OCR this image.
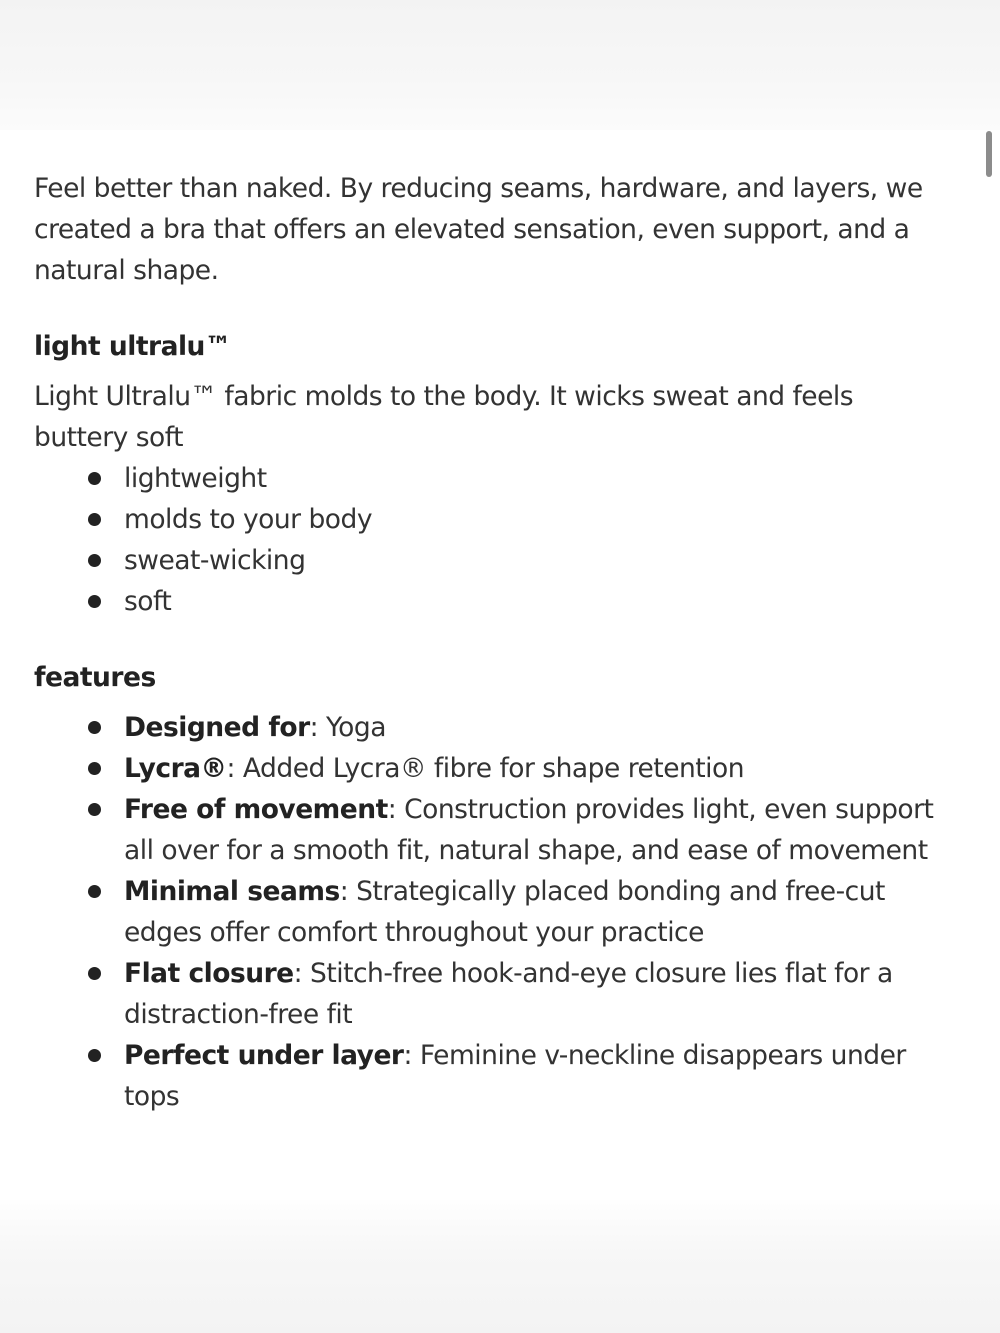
Feel better than naked. By reducing seams, hardware, and layers, we created a bra that offers an elevated sensation, even support, and a natural shape.

light ultralu™

Light Ultralu™ fabric molds to the body. It wicks sweat and feels buttery soft

lightweight
molds to your body
sweat-wicking
soft
features
Designed for: Yoga
Lycra®: Added Lycra® fibre for shape retention
Free of movement: Construction provides light, even support all over for a smooth fit, natural shape, and ease of movement
Minimal seams: Strategically placed bonding and free-cut edges offer comfort throughout your practice
Flat closure: Stitch-free hook-and-eye closure lies flat for a distraction-free fit
Perfect under layer: Feminine v-neckline disappears under tops
